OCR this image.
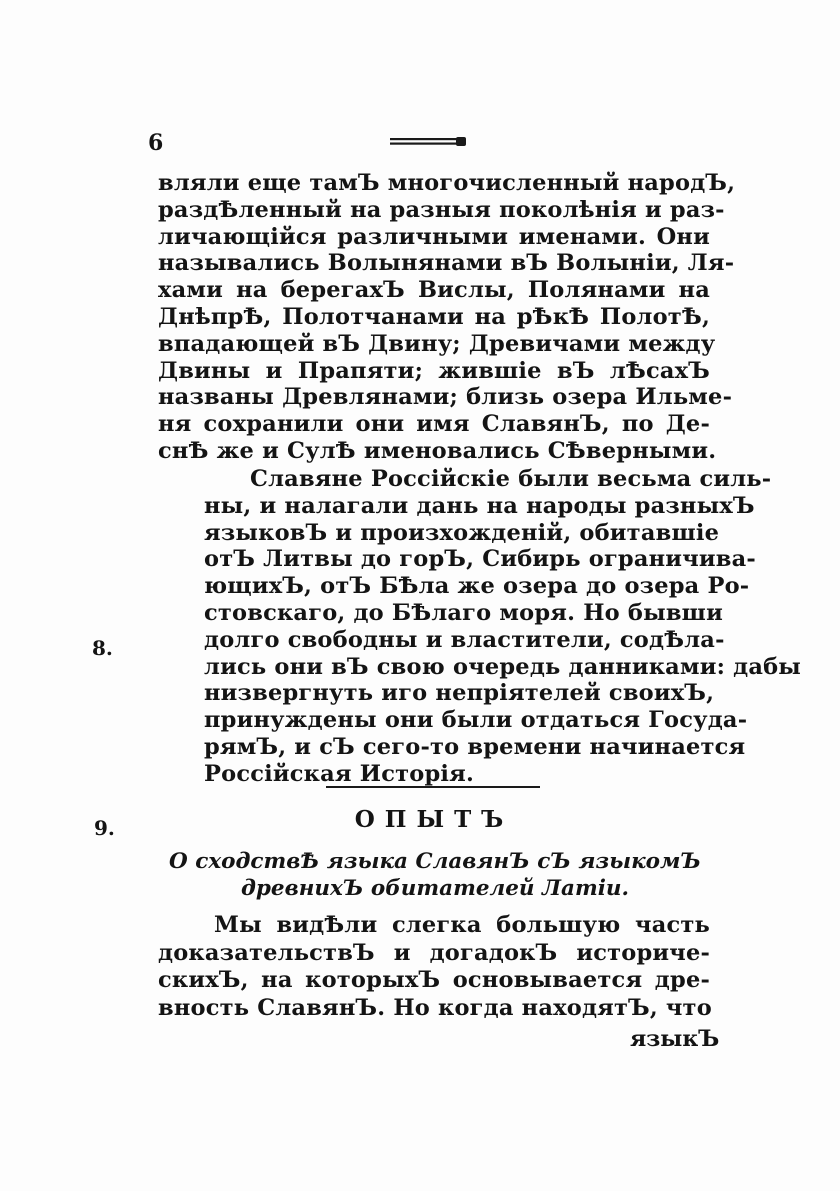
6
вляли еще тамЪ многочисленный народЪ,
раздѢленный на разныя поколѣнія и раз-
личающійся различными именами. Они
назывались Волынянами вЪ Волыніи, Ля-
хами на берегахЪ Вислы, Полянами на
ДнѣпрѢ, Полотчанами на рѢкѢ ПолотѢ,
впадающей вЪ Двину; Древичами между
Двины и Прапяти; жившіе вЪ лѢсахЪ
названы Древлянами; близь озера Ильме-
ня сохранили они имя СлавянЪ, по Де-
снѢ же и СулѢ именовались СѢверными.
Славяне Россійскіе были весьма силь-
ны, и налагали дань на народы разныхЪ
языковЪ и произхожденій, обитавшіе
отЪ Литвы до горЪ, Сибирь ограничива-
ющихЪ, отЪ БѢла же озера до озера Ро-
стовскаго, до БѢлаго моря. Но бывши
долго свободны и властители, содѢла-
лись они вЪ свою очередь данниками: дабы
низвергнуть иго непріятелей своихЪ,
принуждены они были отдаться Госуда-
рямЪ, и сЪ сего-то времени начинается
Россійская Исторія.
8.
9.	ОПЫТЪ
О сходствѢ языка СлавянЪ сЪ языкомЪ
древнихЪ обитателей Латіи.
Мы видѢли слегка большую часть
доказательствЪ и догадокЪ историче-
скихЪ, на которыхЪ основывается дре-
вность СлавянЪ. Но когда находятЪ, что
языкЪ
